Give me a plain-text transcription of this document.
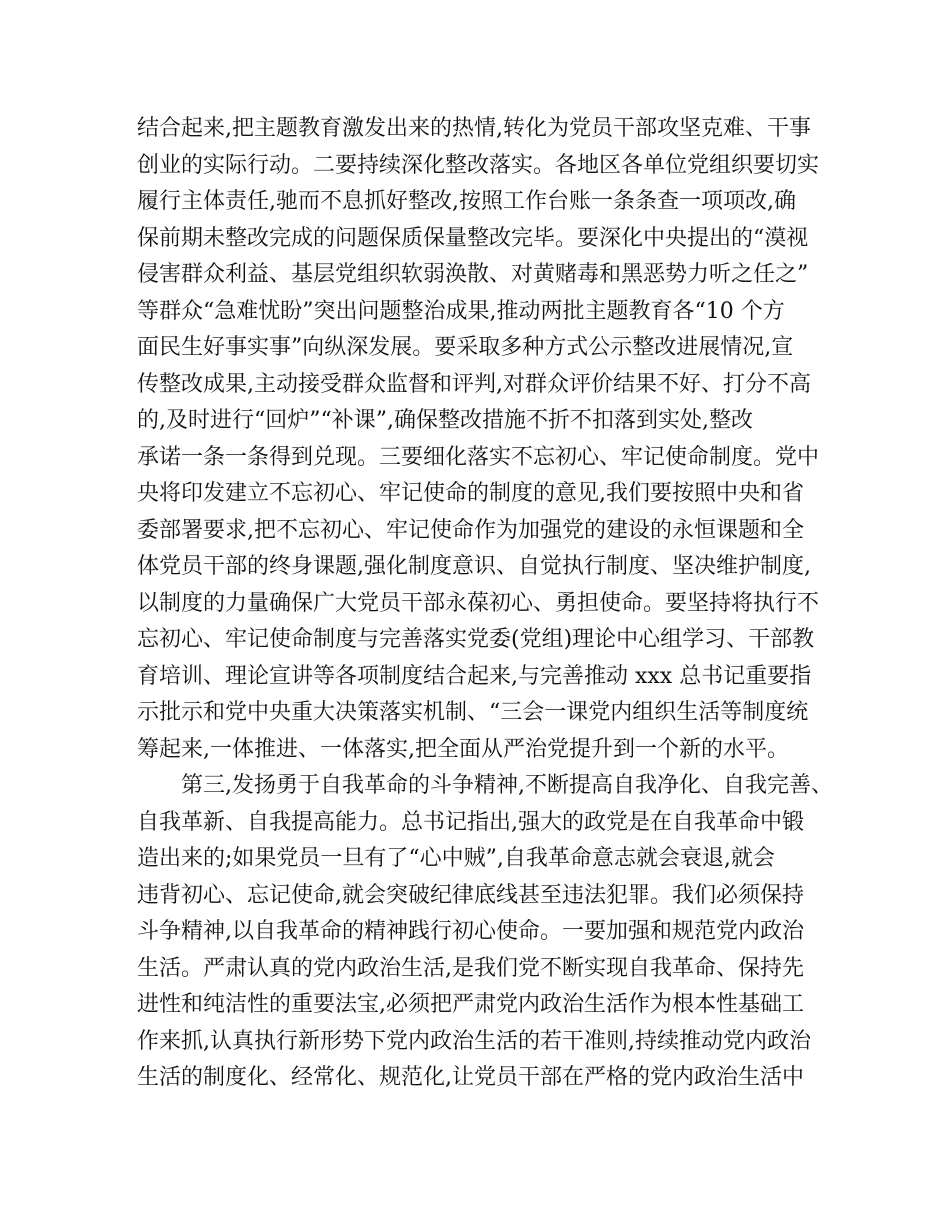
结合起来,把主题教育激发出来的热情,转化为党员干部攻坚克难、干事
创业的实际行动。二要持续深化整改落实。各地区各单位党组织要切实
履行主体责任,驰而不息抓好整改,按照工作台账一条条查一项项改,确
保前期未整改完成的问题保质保量整改完毕。要深化中央提出的“漠视
侵害群众利益、基层党组织软弱涣散、对黄赌毒和黑恶势力听之任之”
等群众“急难忧盼”突出问题整治成果,推动两批主题教育各“10 个方
面民生好事实事”向纵深发展。要采取多种方式公示整改进展情况,宣
传整改成果,主动接受群众监督和评判,对群众评价结果不好、打分不高
的,及时进行“回炉”“补课”,确保整改措施不折不扣落到实处,整改
承诺一条一条得到兑现。三要细化落实不忘初心、牢记使命制度。党中
央将印发建立不忘初心、牢记使命的制度的意见,我们要按照中央和省
委部署要求,把不忘初心、牢记使命作为加强党的建设的永恒课题和全
体党员干部的终身课题,强化制度意识、自觉执行制度、坚决维护制度,
以制度的力量确保广大党员干部永葆初心、勇担使命。要坚持将执行不
忘初心、牢记使命制度与完善落实党委(党组)理论中心组学习、干部教
育培训、理论宣讲等各项制度结合起来,与完善推动 xxx 总书记重要指
示批示和党中央重大决策落实机制、“三会一课党内组织生活等制度统
筹起来,一体推进、一体落实,把全面从严治党提升到一个新的水平。
　　第三,发扬勇于自我革命的斗争精神,不断提高自我净化、自我完善、
自我革新、自我提高能力。总书记指出,强大的政党是在自我革命中锻
造出来的;如果党员一旦有了“心中贼”,自我革命意志就会衰退,就会
违背初心、忘记使命,就会突破纪律底线甚至违法犯罪。我们必须保持
斗争精神,以自我革命的精神践行初心使命。一要加强和规范党内政治
生活。严肃认真的党内政治生活,是我们党不断实现自我革命、保持先
进性和纯洁性的重要法宝,必须把严肃党内政治生活作为根本性基础工
作来抓,认真执行新形势下党内政治生活的若干准则,持续推动党内政治
生活的制度化、经常化、规范化,让党员干部在严格的党内政治生活中
